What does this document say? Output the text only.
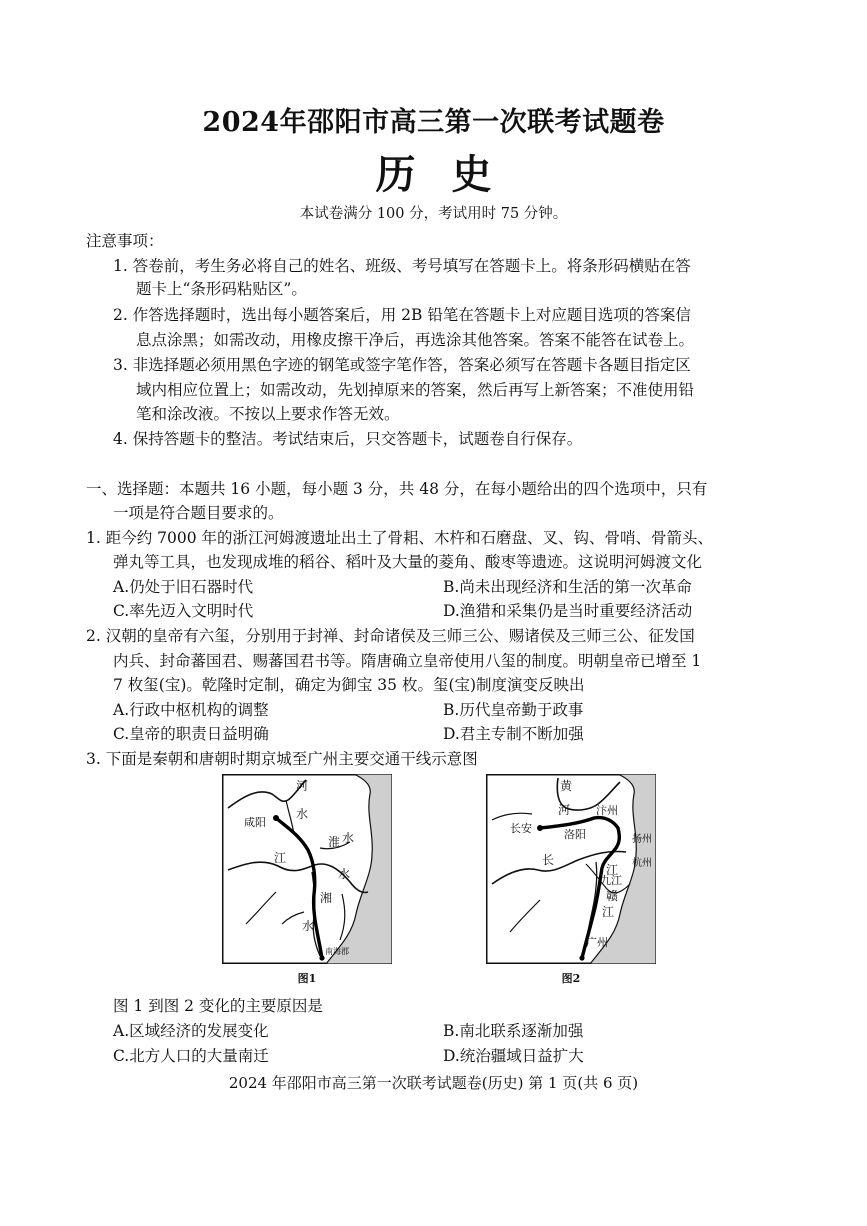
2024年邵阳市高三第一次联考试题卷
历史
本试卷满分 100 分，考试用时 75 分钟。
注意事项：
1. 答卷前，考生务必将自己的姓名、班级、考号填写在答题卡上。将条形码横贴在答
题卡上“条形码粘贴区”。
2. 作答选择题时，选出每小题答案后，用 2B 铅笔在答题卡上对应题目选项的答案信
息点涂黑；如需改动，用橡皮擦干净后，再选涂其他答案。答案不能答在试卷上。
3. 非选择题必须用黑色字迹的钢笔或签字笔作答，答案必须写在答题卡各题目指定区
域内相应位置上；如需改动，先划掉原来的答案，然后再写上新答案；不准使用铅
笔和涂改液。不按以上要求作答无效。
4. 保持答题卡的整洁。考试结束后，只交答题卡，试题卷自行保存。
一、选择题：本题共 16 小题，每小题 3 分，共 48 分，在每小题给出的四个选项中，只有
一项是符合题目要求的。
1. 距今约 7000 年的浙江河姆渡遗址出土了骨耜、木杵和石磨盘、叉、钩、骨哨、骨箭头、
弹丸等工具，也发现成堆的稻谷、稻叶及大量的菱角、酸枣等遗迹。这说明河姆渡文化
A.仍处于旧石器时代	B.尚未出现经济和生活的第一次革命
C.率先迈入文明时代	D.渔猎和采集仍是当时重要经济活动
2. 汉朝的皇帝有六玺，分别用于封禅、封命诸侯及三师三公、赐诸侯及三师三公、征发国
内兵、封命蕃国君、赐蕃国君书等。隋唐确立皇帝使用八玺的制度。明朝皇帝已增至 1
7 枚玺(宝)。乾隆时定制，确定为御宝 35 枚。玺(宝)制度演变反映出
A.行政中枢机构的调整	B.历代皇帝勤于政事
C.皇帝的职责日益明确	D.君主专制不断加强
3. 下面是秦朝和唐朝时期京城至广州主要交通干线示意图
河
水
咸阳
淮 水
江
水
湘
水
南海郡
图1
黄
河 汴州
长安	洛阳	扬州
长	杭州
江
九江
赣
江
广州
图2
图 1 到图 2 变化的主要原因是
A.区域经济的发展变化	B.南北联系逐渐加强
C.北方人口的大量南迁	D.统治疆域日益扩大
2024 年邵阳市高三第一次联考试题卷(历史) 第 1 页(共 6 页)
